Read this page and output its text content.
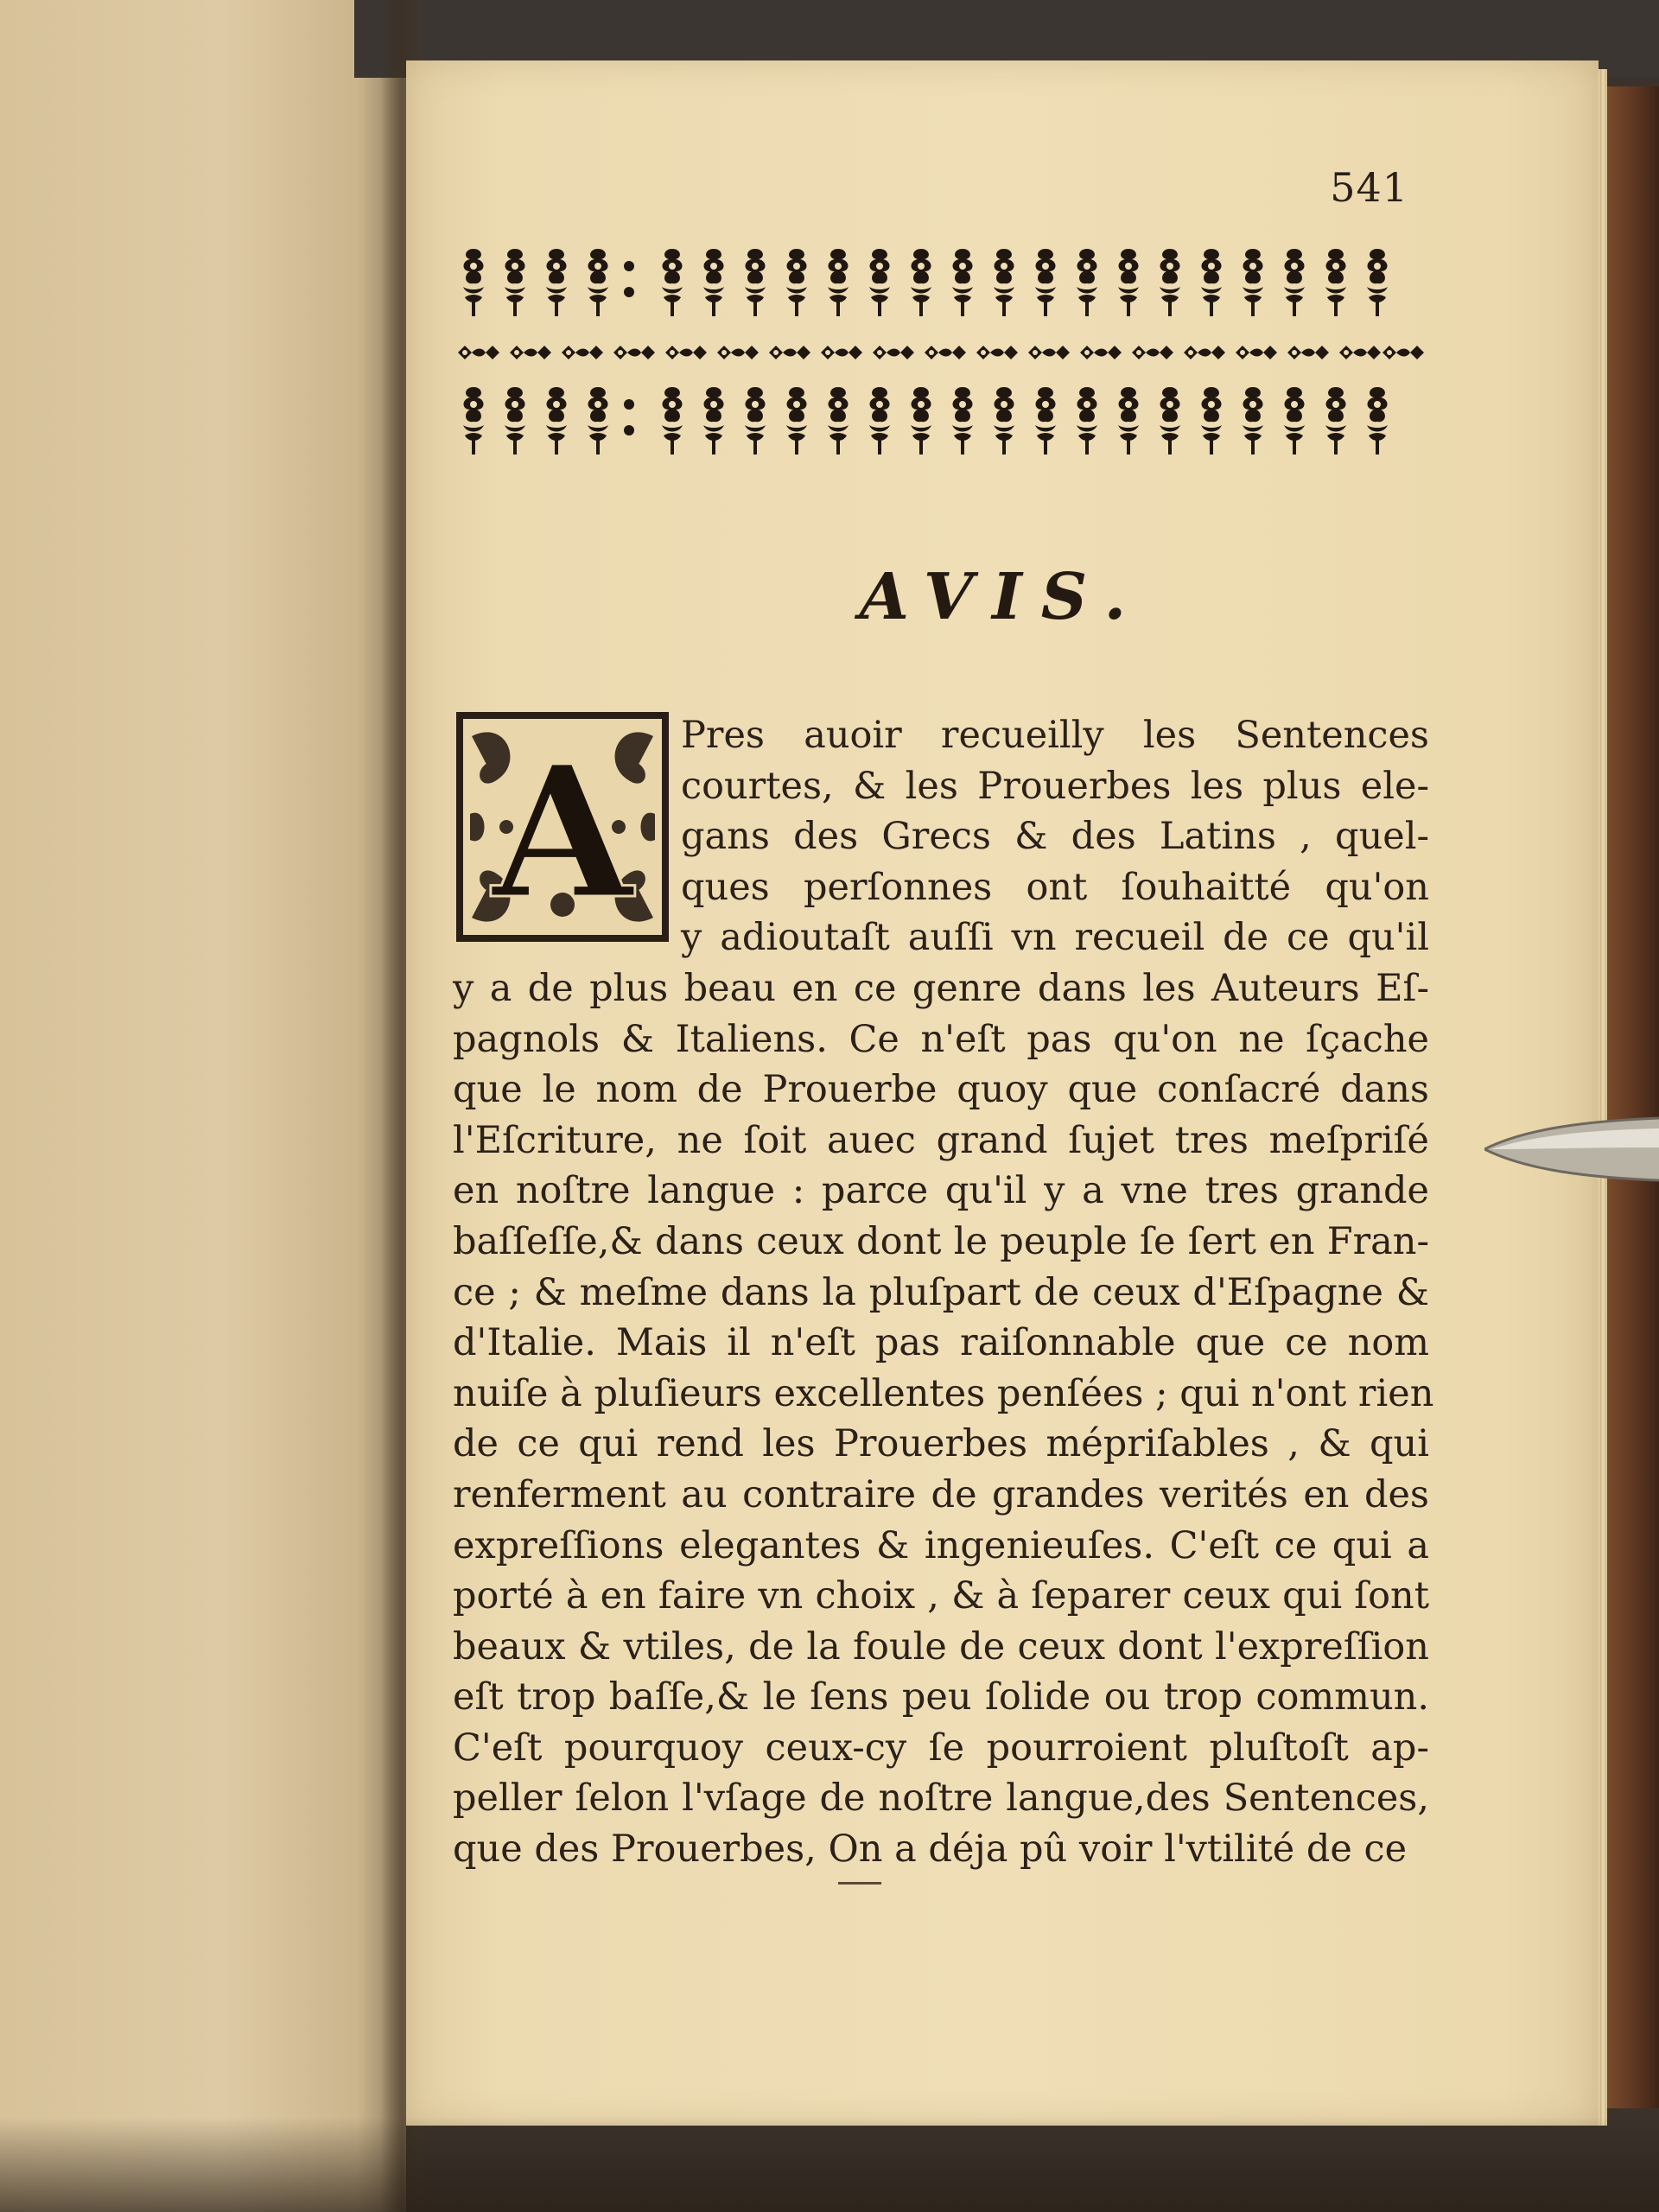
541
AVIS.
A	Pres auoir recueilly les Sentences
courtes, & les Prouerbes les plus ele-
gans des Grecs & des Latins , quel-
ques perſonnes ont ſouhaitté qu'on
y adioutaſt auſſi vn recueil de ce qu'il
y a de plus beau en ce genre dans les Auteurs Eſ-
pagnols & Italiens. Ce n'eſt pas qu'on ne ſçache
que le nom de Prouerbe quoy que conſacré dans
l'Eſcriture, ne ſoit auec grand ſujet tres meſpriſé
en noſtre langue : parce qu'il y a vne tres grande
baſſeſſe,& dans ceux dont le peuple ſe ſert en Fran-
ce ; & meſme dans la pluſpart de ceux d'Eſpagne &
d'Italie. Mais il n'eſt pas raiſonnable que ce nom
nuiſe à pluſieurs excellentes penſées ; qui n'ont rien
de ce qui rend les Prouerbes mépriſables , & qui
renferment au contraire de grandes verités en des
expreſſions elegantes & ingenieuſes. C'eſt ce qui a
porté à en faire vn choix , & à ſeparer ceux qui ſont
beaux & vtiles, de la foule de ceux dont l'expreſſion
eſt trop baſſe,& le ſens peu ſolide ou trop commun.
C'eſt pourquoy ceux-cy ſe pourroient pluſtoſt ap-
peller ſelon l'vſage de noſtre langue,des Sentences,
que des Prouerbes, On a déja pû voir l'vtilité de ce
